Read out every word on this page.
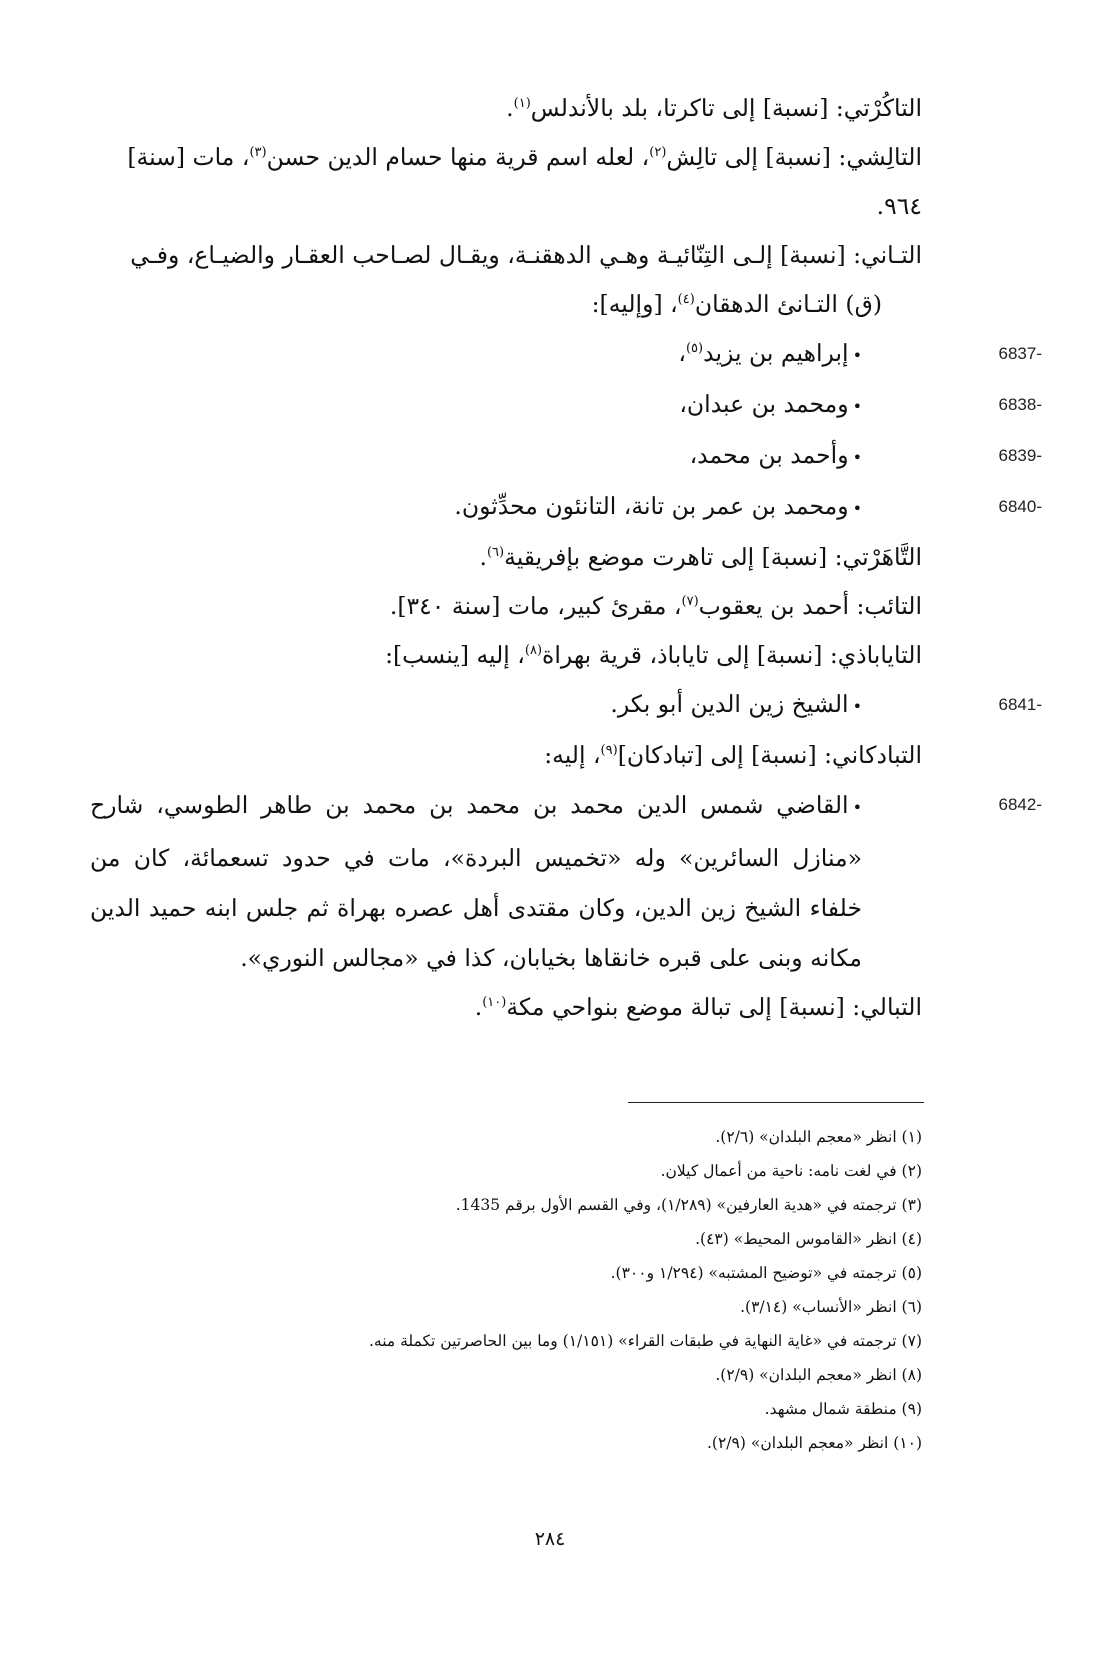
التاكُرْتي: [نسبة] إلى تاكرتا، بلد بالأندلس$^{(١)}$.

التالِشي: [نسبة] إلى تالِش$^{(٢)}$، لعله اسم قرية منها حسام الدين حسن$^{(٣)}$، مات [سنة] ٩٦٤.

التـاني: [نسبة] إلـى التِنّائيـة وهـي الدهقنـة، ويقـال لصـاحب العقـار والضيـاع، وفـي (ق) التـانئ الدهقان$^{(٤)}$، [وإليه]:

6837-
•إبراهيم بن يزيد$^{(٥)}$،

6838-
•ومحمد بن عبدان،

6839-
•وأحمد بن محمد،

6840-
•ومحمد بن عمر بن تانة، التانئون محدِّثون.

التَّاهَرْتي: [نسبة] إلى تاهرت موضع بإفريقية$^{(٦)}$.

التائب: أحمد بن يعقوب$^{(٧)}$، مقرئ كبير، مات [سنة ٣٤٠].

التاياباذي: [نسبة] إلى تاياباذ، قرية بهراة$^{(٨)}$، إليه [ينسب]:

6841-
•الشيخ زين الدين أبو بكر.

التبادكاني: [نسبة] إلى [تبادكان]$^{(٩)}$، إليه:

6842-
•القاضي شمس الدين محمد بن محمد بن محمد بن طاهر الطوسي، شارح «منازل السائرين» وله «تخميس البردة»، مات في حدود تسعمائة، كان من خلفاء الشيخ زين الدين، وكان مقتدى أهل عصره بهراة ثم جلس ابنه حميد الدين مكانه وبنى على قبره خانقاها بخيابان، كذا في «مجالس النوري».

التبالي: [نسبة] إلى تبالة موضع بنواحي مكة$^{(١٠)}$.

(١) انظر «معجم البلدان» (٢/٦).

(٢) في لغت نامه: ناحية من أعمال كيلان.

(٣) ترجمته في «هدية العارفين» (١/٢٨٩)، وفي القسم الأول برقم 1435.

(٤) انظر «القاموس المحيط» (٤٣).

(٥) ترجمته في «توضيح المشتبه» (١/٢٩٤ و٣٠٠).

(٦) انظر «الأنساب» (٣/١٤).

(٧) ترجمته في «غاية النهاية في طبقات القراء» (١/١٥١) وما بين الحاصرتين تكملة منه.

(٨) انظر «معجم البلدان» (٢/٩).

(٩) منطقة شمال مشهد.

(١٠) انظر «معجم البلدان» (٢/٩).

٢٨٤
